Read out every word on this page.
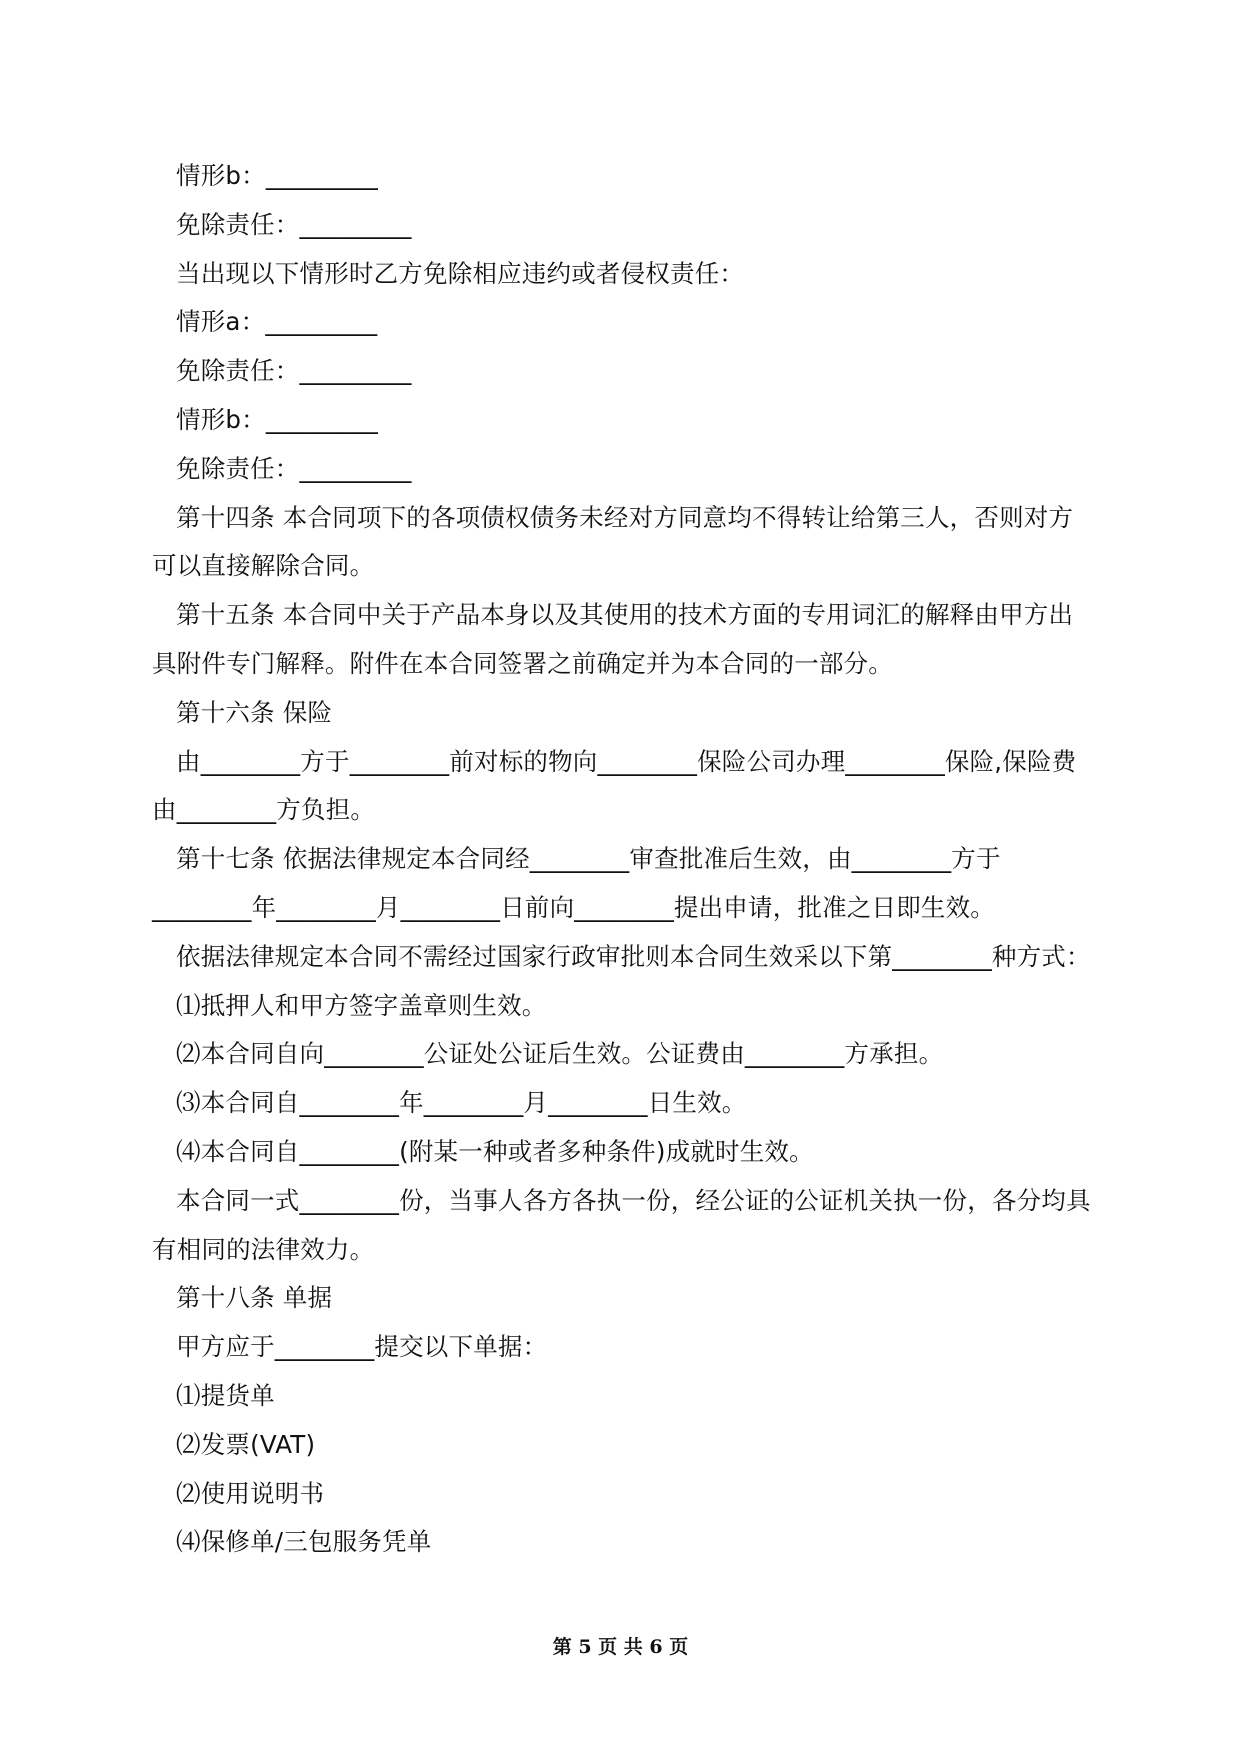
情形b：_________

免除责任：_________

当出现以下情形时乙方免除相应违约或者侵权责任：

情形a：_________

免除责任：_________

情形b：_________

免除责任：_________

第十四条 本合同项下的各项债权债务未经对方同意均不得转让给第三人，否则对方可以直接解除合同。

第十五条 本合同中关于产品本身以及其使用的技术方面的专用词汇的解释由甲方出具附件专门解释。附件在本合同签署之前确定并为本合同的一部分。

第十六条 保险

由________方于________前对标的物向________保险公司办理________保险,保险费由________方负担。

第十七条 依据法律规定本合同经________审查批准后生效，由________方于________年________月________日前向________提出申请，批准之日即生效。

依据法律规定本合同不需经过国家行政审批则本合同生效采以下第________种方式：

⑴抵押人和甲方签字盖章则生效。

⑵本合同自向________公证处公证后生效。公证费由________方承担。

⑶本合同自________年________月________日生效。

⑷本合同自________(附某一种或者多种条件)成就时生效。

本合同一式________份，当事人各方各执一份，经公证的公证机关执一份，各分均具有相同的法律效力。

第十八条 单据

甲方应于________提交以下单据：

⑴提货单

⑵发票(VAT)

⑵使用说明书

⑷保修单/三包服务凭单

第 5 页 共 6 页
